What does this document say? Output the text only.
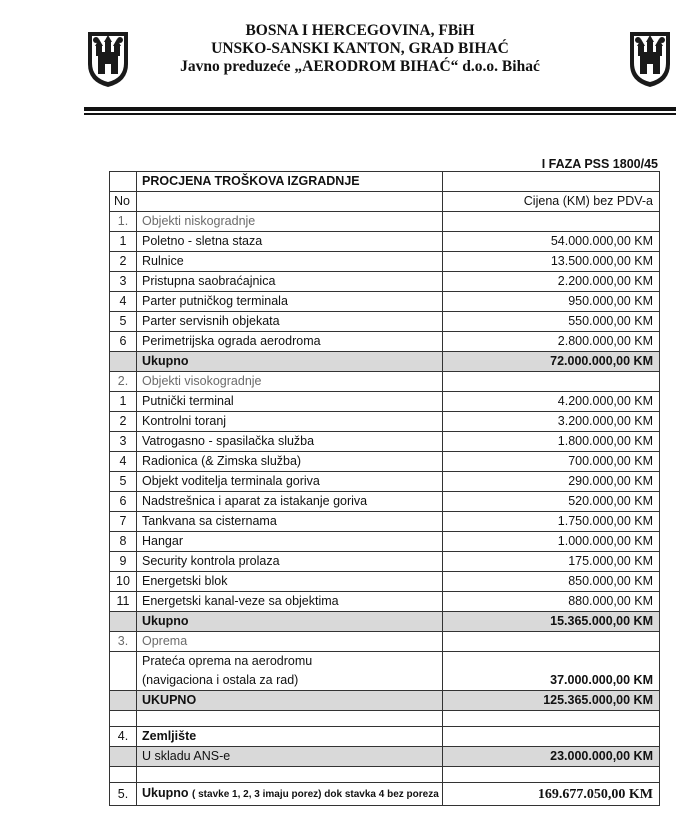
BOSNA I HERCEGOVINA, FBiH
UNSKO-SANSKI KANTON, GRAD BIHAĆ
Javno preduzeće „AERODROM BIHAĆ“ d.o.o. Bihać
I FAZA PSS 1800/45
	PROCJENA TROŠKOVA IZGRADNJE	
No		Cijena (KM) bez PDV-a
1.	Objekti niskogradnje	
1	Poletno - sletna staza	54.000.000,00 KM
2	Rulnice	13.500.000,00 KM
3	Pristupna saobraćajnica	2.200.000,00 KM
4	Parter putničkog terminala	950.000,00 KM
5	Parter servisnih objekata	550.000,00 KM
6	Perimetrijska ograda aerodroma	2.800.000,00 KM
	Ukupno	72.000.000,00 KM
2.	Objekti visokogradnje	
1	Putnički terminal	4.200.000,00 KM
2	Kontrolni toranj	3.200.000,00 KM
3	Vatrogasno - spasilačka služba	1.800.000,00 KM
4	Radionica (& Zimska služba)	700.000,00 KM
5	Objekt voditelja terminala goriva	290.000,00 KM
6	Nadstrešnica i aparat za istakanje goriva	520.000,00 KM
7	Tankvana sa cisternama	1.750.000,00 KM
8	Hangar	1.000.000,00 KM
9	Security kontrola prolaza	175.000,00 KM
10	Energetski blok	850.000,00 KM
11	Energetski kanal-veze sa objektima	880.000,00 KM
	Ukupno	15.365.000,00 KM
3.	Oprema	

	Prateća oprema na aerodromu
(navigaciona i ostala za rad)	37.000.000,00 KM
	UKUPNO	125.365.000,00 KM

4.	Zemljište	
	U skladu ANS-e	23.000.000,00 KM

5.	Ukupno ( stavke 1, 2, 3 imaju porez) dok stavka 4 bez poreza	169.677.050,00 KM
